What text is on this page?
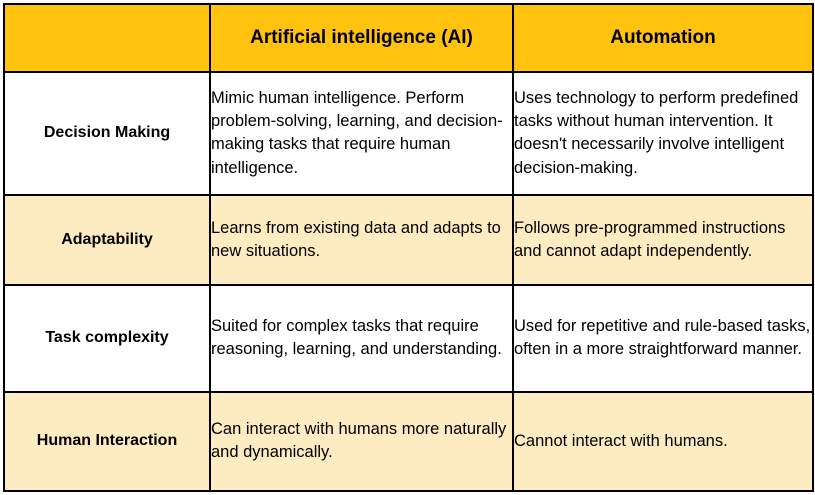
	Artificial intelligence (AI)	Automation
Decision Making	Mimic human intelligence. Perform problem-solving, learning, and decision-making tasks that require human intelligence.	Uses technology to perform predefined tasks without human intervention. It doesn't necessarily involve intelligent decision-making.
Adaptability	Learns from existing data and adapts to new situations.	Follows pre-programmed instructions and cannot adapt independently.
Task complexity	Suited for complex tasks that require reasoning, learning, and understanding.	Used for repetitive and rule-based tasks, often in a more straightforward manner.
Human Interaction	Can interact with humans more naturally and dynamically.	Cannot interact with humans.
